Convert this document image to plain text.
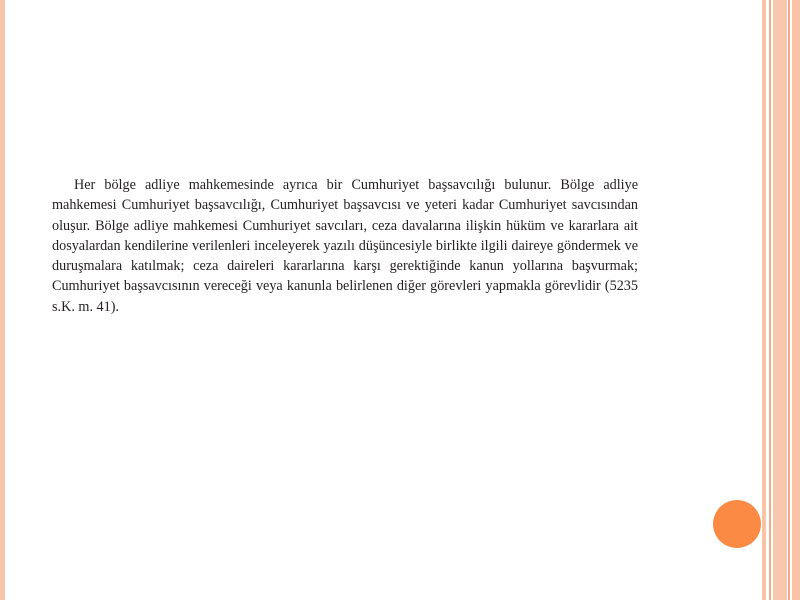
Her bölge adliye mahkemesinde ayrıca bir Cumhuriyet başsavcılığı bulunur. Bölge adliye mahkemesi Cumhuriyet başsavcılığı, Cumhuriyet başsavcısı ve yeteri kadar Cumhuriyet savcısından oluşur. Bölge adliye mahkemesi Cumhuriyet savcıları, ceza davalarına ilişkin hüküm ve kararlara ait dosyalardan kendilerine verilenleri inceleyerek yazılı düşüncesiyle birlikte ilgili daireye göndermek ve duruşmalara katılmak; ceza daireleri kararlarına karşı gerektiğinde kanun yollarına başvurmak; Cumhuriyet başsavcısının vereceği veya kanunla belirlenen diğer görevleri yapmakla görevlidir (5235 s.K. m. 41).
